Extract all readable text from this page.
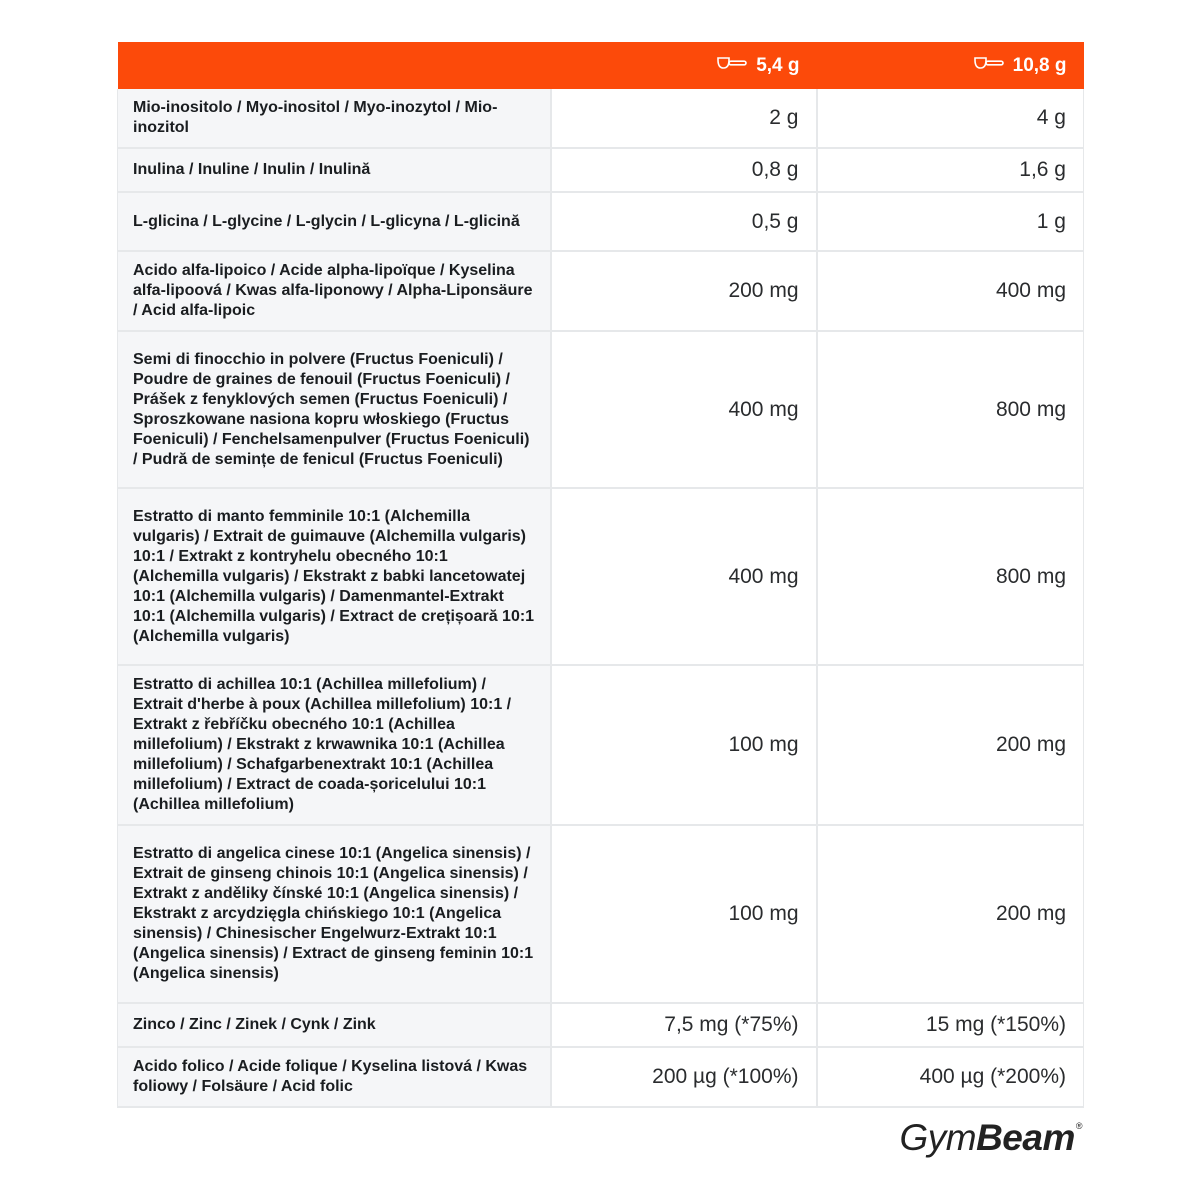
	5,4 g	10,8 g
Mio-inositolo / Myo-inositol / Myo-inozytol / Mio-inozitol	2 g	4 g
Inulina / Inuline / Inulin / Inulină	0,8 g	1,6 g
L-glicina / L-glycine / L-glycin / L-glicyna / L-glicină	0,5 g	1 g
Acido alfa-lipoico / Acide alpha-lipoïque / Kyselina alfa-lipoová / Kwas alfa-liponowy / Alpha-Liponsäure / Acid alfa-lipoic	200 mg	400 mg
Semi di finocchio in polvere (Fructus Foeniculi) / Poudre de graines de fenouil (Fructus Foeniculi) / Prášek z fenyklových semen (Fructus Foeniculi) / Sproszkowane nasiona kopru włoskiego (Fructus Foeniculi) / Fenchelsamenpulver (Fructus Foeniculi) / Pudră de semințe de fenicul (Fructus Foeniculi)	400 mg	800 mg
Estratto di manto femminile 10:1 (Alchemilla vulgaris) / Extrait de guimauve (Alchemilla vulgaris) 10:1 / Extrakt z kontryhelu obecného 10:1 (Alchemilla vulgaris) / Ekstrakt z babki lancetowatej 10:1 (Alchemilla vulgaris) / Damenmantel-Extrakt 10:1 (Alchemilla vulgaris) / Extract de crețișoară 10:1 (Alchemilla vulgaris)	400 mg	800 mg
Estratto di achillea 10:1 (Achillea millefolium) / Extrait d'herbe à poux (Achillea millefolium) 10:1 / Extrakt z řebříčku obecného 10:1 (Achillea millefolium) / Ekstrakt z krwawnika 10:1 (Achillea millefolium) / Schafgarbenextrakt 10:1 (Achillea millefolium) / Extract de coada-șoricelului 10:1 (Achillea millefolium)	100 mg	200 mg
Estratto di angelica cinese 10:1 (Angelica sinensis) / Extrait de ginseng chinois 10:1 (Angelica sinensis) / Extrakt z anděliky čínské 10:1 (Angelica sinensis) / Ekstrakt z arcydzięgla chińskiego 10:1 (Angelica sinensis) / Chinesischer Engelwurz-Extrakt 10:1 (Angelica sinensis) / Extract de ginseng feminin 10:1 (Angelica sinensis)	100 mg	200 mg
Zinco / Zinc / Zinek / Cynk / Zink	7,5 mg (*75%)	15 mg (*150%)
Acido folico / Acide folique / Kyselina listová / Kwas foliowy / Folsäure / Acid folic	200 µg (*100%)	400 µg (*200%)
Gym Beam ®
